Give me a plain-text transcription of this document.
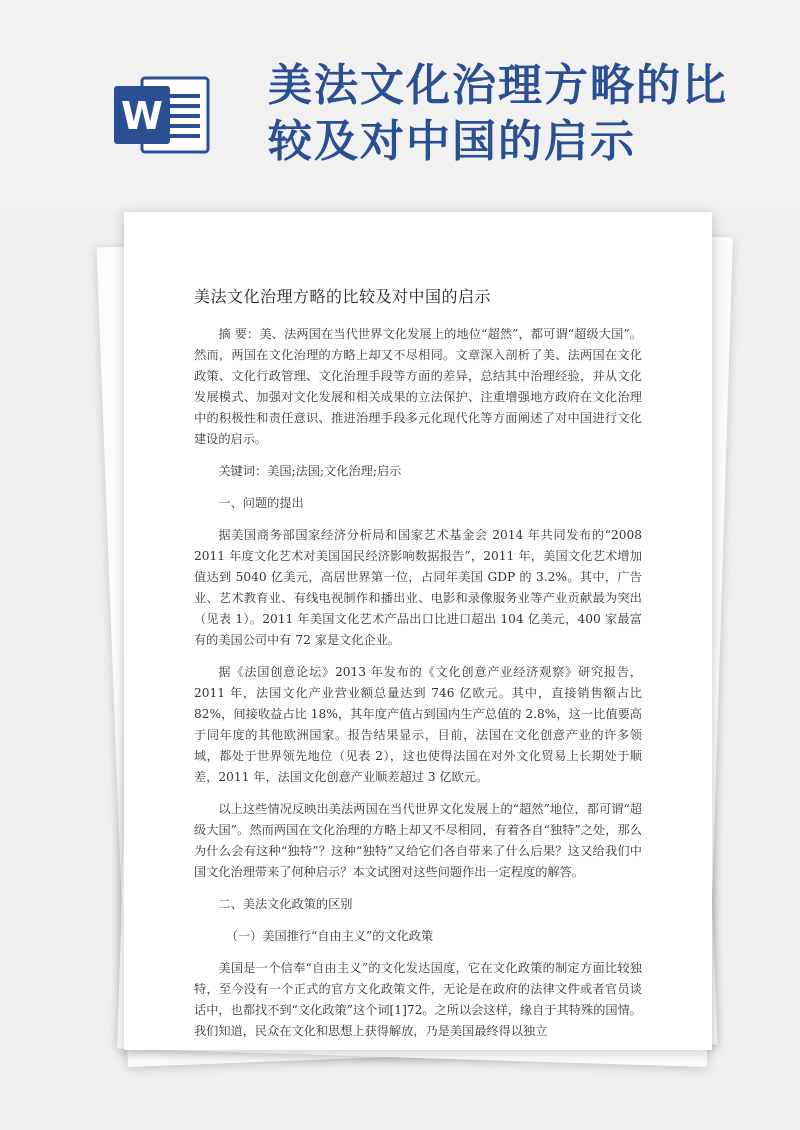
W
美法文化治理方略的比较及对中国的启示
美法文化治理方略的比较及对中国的启示

摘 要：美、法两国在当代世界文化发展上的地位“超然”，都可谓“超级大国”。然而，两国在文化治理的方略上却又不尽相同。文章深入剖析了美、法两国在文化政策、文化行政管理、文化治理手段等方面的差异，总结其中治理经验，并从文化发展模式、加强对文化发展和相关成果的立法保护、注重增强地方政府在文化治理中的积极性和责任意识、推进治理手段多元化现代化等方面阐述了对中国进行文化建设的启示。

关键词：美国;法国;文化治理;启示

一、问题的提出

据美国商务部国家经济分析局和国家艺术基金会 2014 年共同发布的“2008 2011 年度文化艺术对美国国民经济影响数据报告”，2011 年，美国文化艺术增加值达到 5040 亿美元，高居世界第一位，占同年美国 GDP 的 3.2%。其中，广告业、艺术教育业、有线电视制作和播出业、电影和录像服务业等产业贡献最为突出（见表 1）。2011 年美国文化艺术产品出口比进口超出 104 亿美元，400 家最富有的美国公司中有 72 家是文化企业。

据《法国创意论坛》2013 年发布的《文化创意产业经济观察》研究报告，2011 年，法国文化产业营业额总量达到 746 亿欧元。其中，直接销售额占比 82%，间接收益占比 18%，其年度产值占到国内生产总值的 2.8%，这一比值要高于同年度的其他欧洲国家。报告结果显示，目前，法国在文化创意产业的许多领域，都处于世界领先地位（见表 2），这也使得法国在对外文化贸易上长期处于顺差，2011 年，法国文化创意产业顺差超过 3 亿欧元。

以上这些情况反映出美法两国在当代世界文化发展上的“超然”地位，都可谓“超级大国”。然而两国在文化治理的方略上却又不尽相同，有着各自“独特”之处，那么为什么会有这种“独特”？这种“独特”又给它们各自带来了什么后果？这又给我们中国文化治理带来了何种启示？本文试图对这些问题作出一定程度的解答。

二、美法文化政策的区别

（一）美国推行“自由主义”的文化政策

美国是一个信奉“自由主义”的文化发达国度，它在文化政策的制定方面比较独特，至今没有一个正式的官方文化政策文件，无论是在政府的法律文件或者官员谈话中，也都找不到“文化政策”这个词[1]72。之所以会这样，缘自于其特殊的国情。我们知道，民众在文化和思想上获得解放，乃是美国最终得以独立
